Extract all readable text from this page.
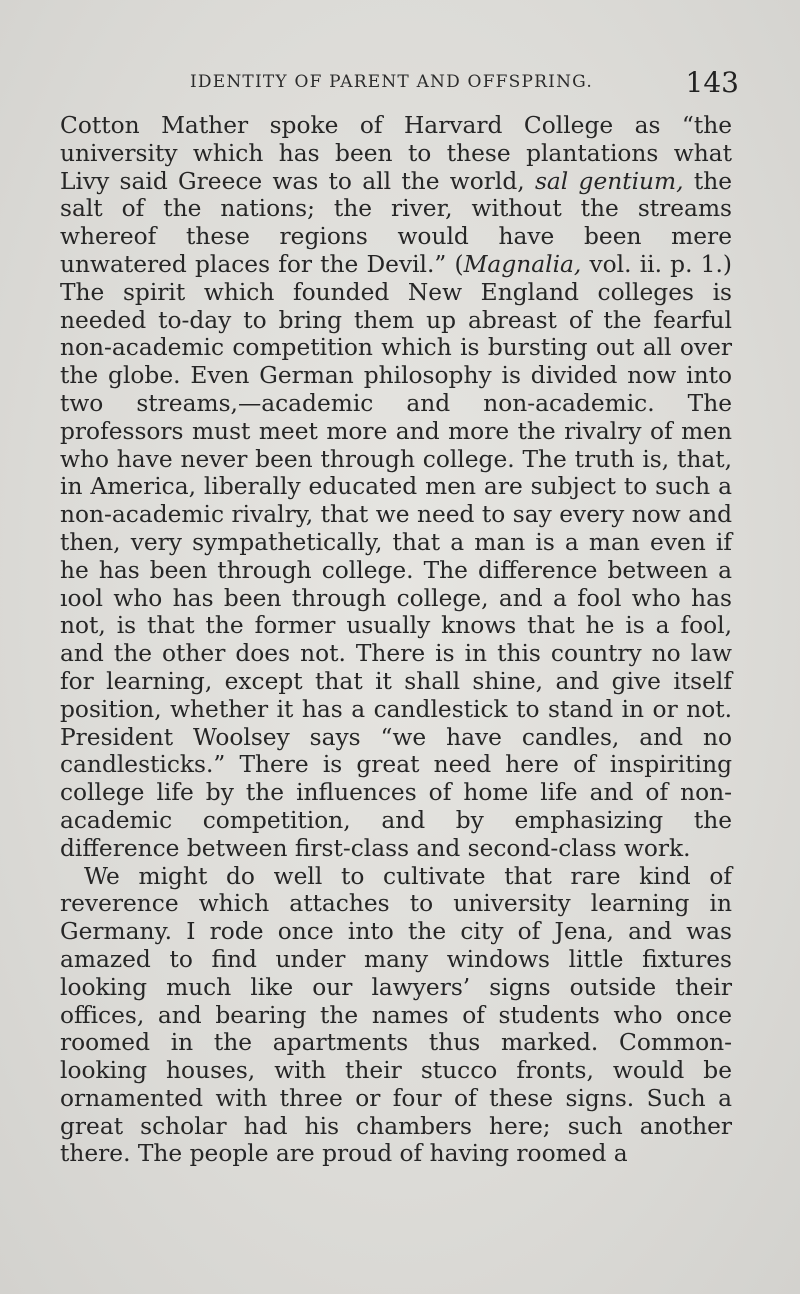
IDENTITY OF PARENT AND OFFSPRING.	143

Cotton Mather spoke of Harvard College as “the university which has been to these plantations what Livy said Greece was to all the world, sal gentium, the salt of the nations; the river, without the streams whereof these regions would have been mere unwatered places for the Devil.” (Magnalia, vol. ii. p. 1.) The spirit which founded New England colleges is needed to-day to bring them up abreast of the fearful non-academic competition which is bursting out all over the globe. Even German philosophy is divided now into two streams,—academic and non-academic. The professors must meet more and more the rivalry of men who have never been through college. The truth is, that, in America, liberally educated men are subject to such a non-academic rivalry, that we need to say every now and then, very sympathetically, that a man is a man even if he has been through college. The difference between a ıool who has been through college, and a fool who has not, is that the former usually knows that he is a fool, and the other does not. There is in this country no law for learning, except that it shall shine, and give itself position, whether it has a candlestick to stand in or not. President Woolsey says “we have candles, and no candlesticks.” There is great need here of inspiriting college life by the influences of home life and of non-academic competition, and by emphasizing the difference between first-class and second-class work.

We might do well to cultivate that rare kind of reverence which attaches to university learning in Germany. I rode once into the city of Jena, and was amazed to find under many windows little fixtures looking much like our lawyers’ signs outside their offices, and bearing the names of students who once roomed in the apartments thus marked. Common-looking houses, with their stucco fronts, would be ornamented with three or four of these signs. Such a great scholar had his chambers here; such another there. The people are proud of having roomed a
